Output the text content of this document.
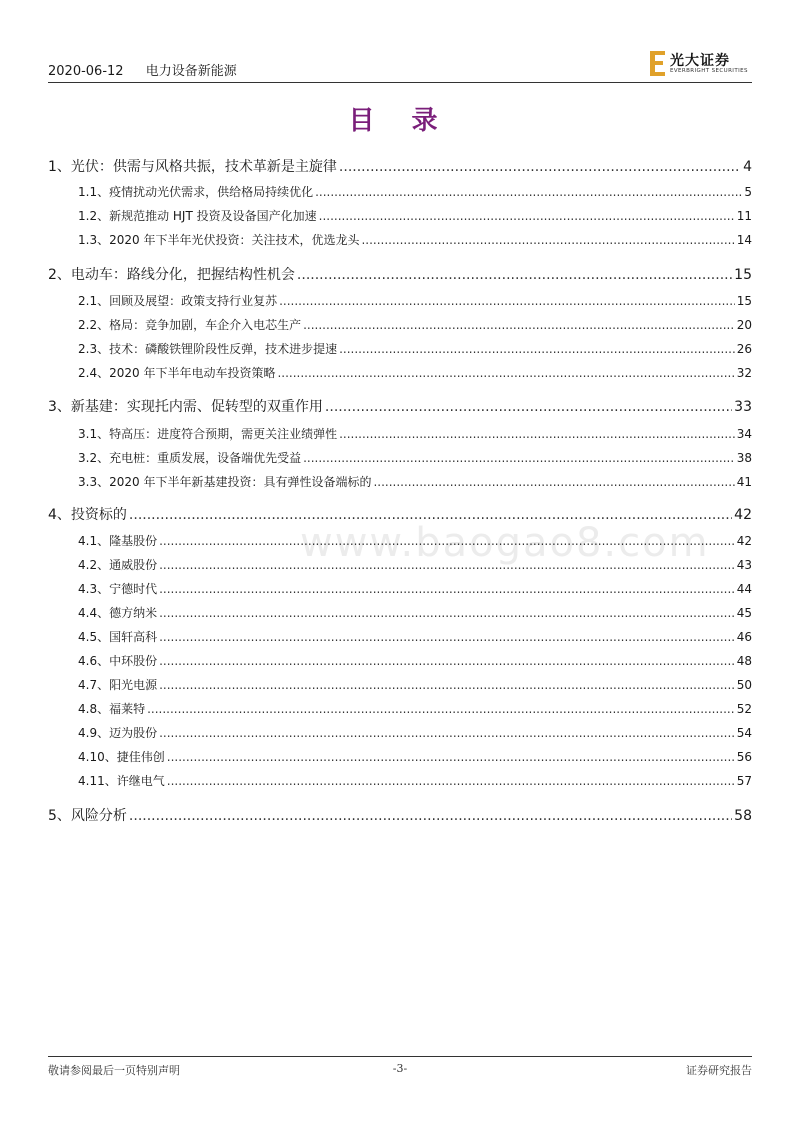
2020-06-12 电力设备新能源
光大证券
EVERBRIGHT SECURITIES
目 录
www.baogao8.com
1、 光伏：供需与风格共振，技术革新是主旋律 .....	4
1.1、 疫情扰动光伏需求，供给格局持续优化 .....	5
1.2、 新规范推动 HJT 投资及设备国产化加速 .....	11
1.3、 2020 年下半年光伏投资：关注技术，优选龙头 .....	14
2、 电动车：路线分化，把握结构性机会 .....	15
2.1、 回顾及展望：政策支持行业复苏 .....	15
2.2、 格局：竞争加剧，车企介入电芯生产 .....	20
2.3、 技术：磷酸铁锂阶段性反弹，技术进步提速 .....	26
2.4、 2020 年下半年电动车投资策略 .....	32
3、 新基建：实现托内需、促转型的双重作用 .....	33
3.1、 特高压：进度符合预期，需更关注业绩弹性 .....	34
3.2、 充电桩：重质发展，设备端优先受益 .....	38
3.3、 2020 年下半年新基建投资：具有弹性设备端标的 .....	41
4、 投资标的 .....	42
4.1、 隆基股份 .....	42
4.2、 通威股份 .....	43
4.3、 宁德时代 .....	44
4.4、 德方纳米 .....	45
4.5、 国轩高科 .....	46
4.6、 中环股份 .....	48
4.7、 阳光电源 .....	50
4.8、 福莱特 .....	52
4.9、 迈为股份 .....	54
4.10、 捷佳伟创 .....	56
4.11、 许继电气 .....	57
5、 风险分析 .....	58
敬请参阅最后一页特别声明	-3-	证券研究报告
